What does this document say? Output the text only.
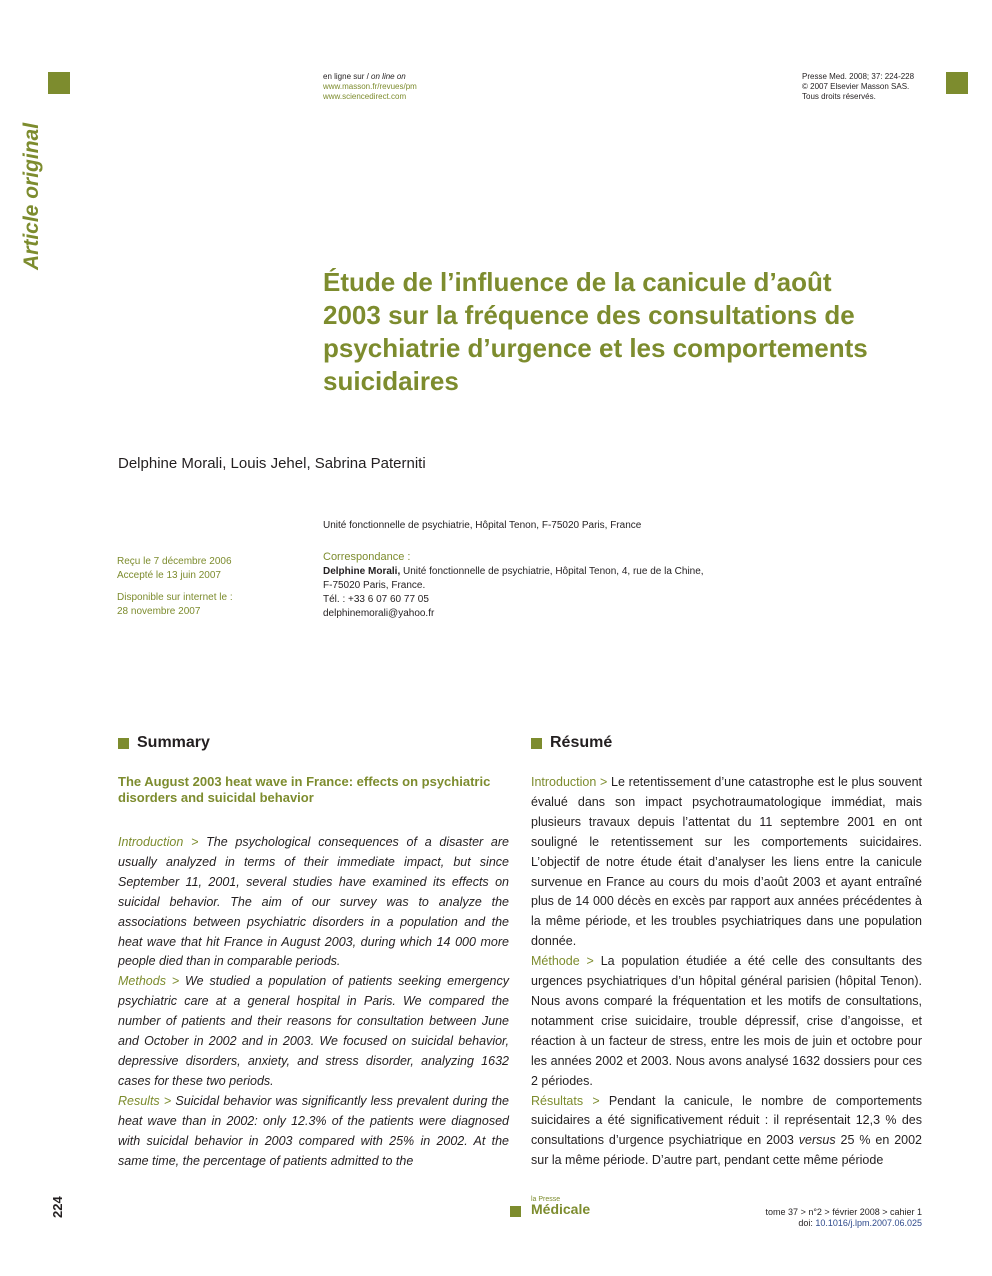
Article original
en ligne sur / on line on
www.masson.fr/revues/pm
www.sciencedirect.com
Presse Med. 2008; 37: 224-228
© 2007 Elsevier Masson SAS.
Tous droits réservés.
Étude de l’influence de la canicule d’août 2003 sur la fréquence des consultations de psychiatrie d’urgence et les comportements suicidaires
Delphine Morali, Louis Jehel, Sabrina Paterniti
Unité fonctionnelle de psychiatrie, Hôpital Tenon, F-75020 Paris, France
Reçu le 7 décembre 2006
Accepté le 13 juin 2007
Disponible sur internet le :
28 novembre 2007
Correspondance :
Delphine Morali, Unité fonctionnelle de psychiatrie, Hôpital Tenon, 4, rue de la Chine,
F-75020 Paris, France.
Tél. : +33 6 07 60 77 05
delphinemorali@yahoo.fr
Summary	Résumé
The August 2003 heat wave in France: effects on psychiatric disorders and suicidal behavior

Introduction > The psychological consequences of a disaster are usually analyzed in terms of their immediate impact, but since September 11, 2001, several studies have examined its effects on suicidal behavior. The aim of our survey was to analyze the associations between psychiatric disorders in a population and the heat wave that hit France in August 2003, during which 14 000 more people died than in comparable periods.

Methods > We studied a population of patients seeking emergency psychiatric care at a general hospital in Paris. We compared the number of patients and their reasons for consultation between June and October in 2002 and in 2003. We focused on suicidal behavior, depressive disorders, anxiety, and stress disorder, analyzing 1632 cases for these two periods.

Results > Suicidal behavior was significantly less prevalent during the heat wave than in 2002: only 12.3% of the patients were diagnosed with suicidal behavior in 2003 compared with 25% in 2002. At the same time, the percentage of patients admitted to the

Introduction > Le retentissement d’une catastrophe est le plus souvent évalué dans son impact psychotraumatologique immédiat, mais plusieurs travaux depuis l’attentat du 11 septembre 2001 en ont souligné le retentissement sur les comportements suicidaires. L’objectif de notre étude était d’analyser les liens entre la canicule survenue en France au cours du mois d’août 2003 et ayant entraîné plus de 14 000 décès en excès par rapport aux années précédentes à la même période, et les troubles psychiatriques dans une population donnée.

Méthode > La population étudiée a été celle des consultants des urgences psychiatriques d’un hôpital général parisien (hôpital Tenon). Nous avons comparé la fréquentation et les motifs de consultations, notamment crise suicidaire, trouble dépressif, crise d’angoisse, et réaction à un facteur de stress, entre les mois de juin et octobre pour les années 2002 et 2003. Nous avons analysé 1632 dossiers pour ces 2 périodes.

Résultats > Pendant la canicule, le nombre de comportements suicidaires a été significativement réduit : il représentait 12,3 % des consultations d’urgence psychiatrique en 2003 versus 25 % en 2002 sur la même période. D’autre part, pendant cette même période

224	la Presse
Médicale	tome 37 > n°2 > février 2008 > cahier 1
doi: 10.1016/j.lpm.2007.06.025
